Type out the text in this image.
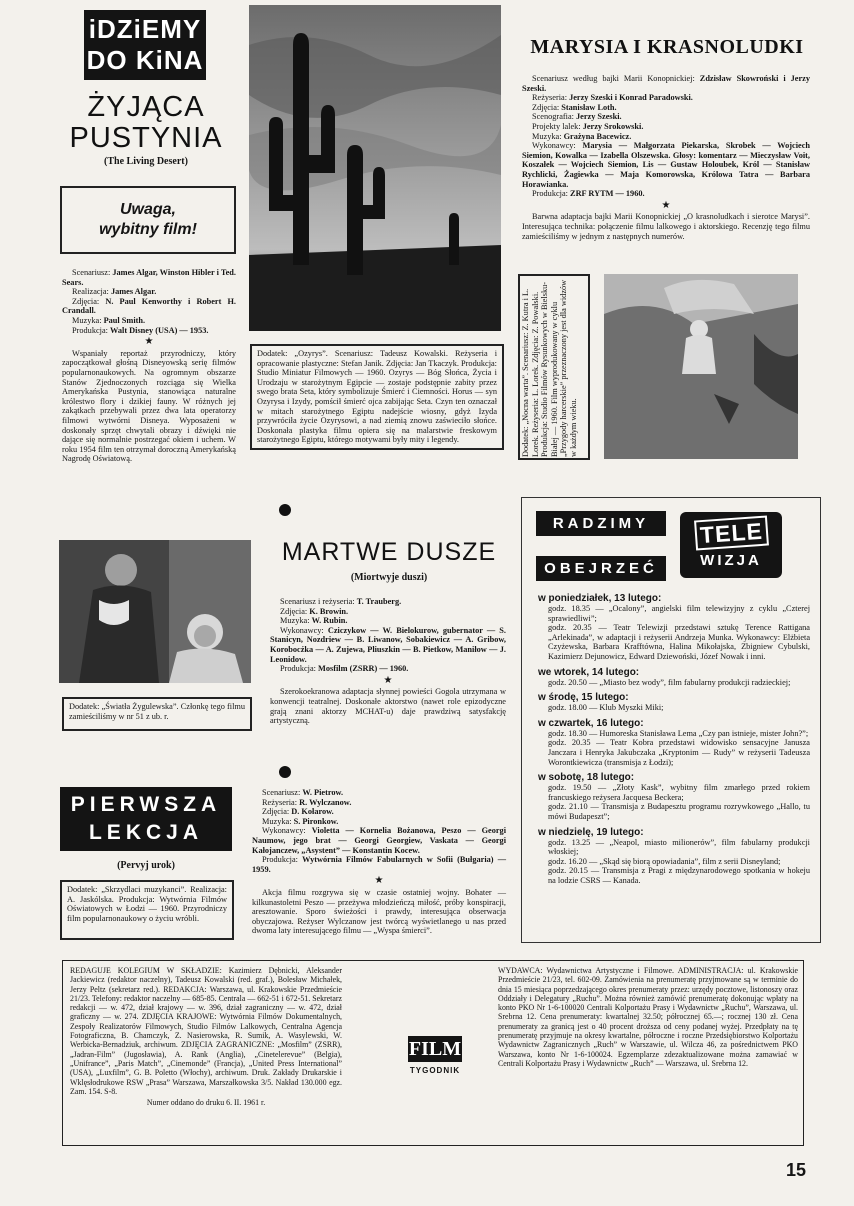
iDZiEMY
DO KiNA
ŻYJĄCA
PUSTYNIA
(The Living Desert)
Uwaga,
wybitny film!
Scenariusz: James Algar, Winston Hibler i Ted. Sears.
Realizacja: James Algar.
Zdjęcia: N. Paul Kenworthy i Robert H. Crandall.
Muzyka: Paul Smith.
Produkcja: Walt Disney (USA) — 1953.
★

Wspaniały reportaż przyrodniczy, który zapoczątkował głośną Disneyowską serię filmów popularnonaukowych. Na ogromnym obszarze Stanów Zjednoczonych rozciąga się Wielka Amerykańska Pustynia, stanowiąca naturalne królestwo flory i dzikiej fauny. W różnych jej zakątkach przebywali przez dwa lata operatorzy filmowi wytwórni Disneya. Wyposażeni w doskonały sprzęt chwytali obrazy i dźwięki nie dające się normalnie postrzegać okiem i uchem. W roku 1954 film ten otrzymał doroczną Amerykańską Nagrodę Oświatową.

Dodatek: „Ozyrys”. Scenariusz: Tadeusz Kowalski. Reżyseria i opracowanie plastyczne: Stefan Janik. Zdjęcia: Jan Tkaczyk. Produkcja: Studio Miniatur Filmowych — 1960. Ozyrys — Bóg Słońca, Życia i Urodzaju w starożytnym Egipcie — zostaje podstępnie zabity przez swego brata Seta, który symbolizuje Śmierć i Ciemności. Horus — syn Ozyrysa i Izydy, pomścił śmierć ojca zabijając Seta. Czyn ten oznaczał w mitach starożytnego Egiptu nadejście wiosny, gdyż Izyda przywróciła życie Ozyrysowi, a nad ziemią znowu zaświeciło słońce. Doskonała plastyka filmu opiera się na malarstwie freskowym starożytnego Egiptu, którego motywami były mity i legendy.

MARYSIA I KRASNOLUDKI
Scenariusz według bajki Marii Konopnickiej: Zdzisław Skowroński i Jerzy Szeski.
Reżyseria: Jerzy Szeski i Konrad Paradowski.
Zdjęcia: Stanisław Loth.
Scenografia: Jerzy Szeski.
Projekty lalek: Jerzy Srokowski.
Muzyka: Grażyna Bacewicz.
Wykonawcy: Marysia — Małgorzata Piekarska, Skrobek — Wojciech Siemion, Kowalka — Izabella Olszewska. Głosy: komentarz — Mieczysław Voit, Koszałek — Wojciech Siemion, Lis — Gustaw Holoubek, Król — Stanisław Rychlicki, Żagiewka — Maja Komorowska, Królowa Tatra — Barbara Horawianka.
Produkcja: ZRF RYTM — 1960.
★

Barwna adaptacja bajki Marii Konopnickiej „O krasnoludkach i sierotce Marysi”. Interesująca technika: połączenie filmu lalkowego i aktorskiego. Recenzję tego filmu zamieściliśmy w jednym z następnych numerów.

Dodatek: „Nocna warta”. Scenariusz: Z. Kutra i L. Lorek. Reżyseria: L. Lorek. Zdjęcia: Z. Powalski. Produkcja: Studio Filmów Rysunkowych w Bielsku-Białej — 1960. Film wyprodukowany w cyklu „Przygody harcerskie” przeznaczony jest dla widzów w każdym wieku.

Dodatek: „Światła Żygulewska”. Członkę tego filmu zamieściliśmy w nr 51 z ub. r.

MARTWE DUSZE
(Miortwyje duszi)
Scenariusz i reżyseria: T. Trauberg.
Zdjęcia: K. Browin.
Muzyka: W. Rubin.
Wykonawcy: Cziczykow — W. Bielokurow, gubernator — S. Stanicyn, Nozdriew — B. Liwanow, Sobakiewicz — A. Gribow, Korobocźka — A. Zujewa, Pliuszkin — B. Pietkow, Maniłow — J. Leonidow.
Produkcja: Mosfilm (ZSRR) — 1960.
★

Szerokoekranowa adaptacja słynnej powieści Gogola utrzymana w konwencji teatralnej. Doskonałe aktorstwo (nawet role epizodyczne grają znani aktorzy MCHAT-u) daje prawdziwą satysfakcję artystyczną.

PIERWSZA
LEKCJA
(Pervyj urok)

Dodatek: „Skrzydlaci muzykanci”. Realizacja: A. Jaskólska. Produkcja: Wytwórnia Filmów Oświatowych w Łodzi — 1960. Przyrodniczy film popularnonaukowy o życiu wróbli.

Scenariusz: W. Pietrow.
Reżyseria: R. Wylczanow.
Zdjęcia: D. Kołarow.
Muzyka: S. Pironkow.
Wykonawcy: Violetta — Kornelia Bożanowa, Peszo — Georgi Naumow, jego brat — Georgi Georgiew, Vaskata — Georgi Kałojanczew, „Asystent” — Konstantin Kocew.
Produkcja: Wytwórnia Filmów Fabularnych w Sofii (Bułgaria) — 1959.
★

Akcja filmu rozgrywa się w czasie ostatniej wojny. Bohater — kilkunastoletni Peszo — przeżywa młodzieńczą miłość, próby konspiracji, aresztowanie. Sporo świeżości i prawdy, interesująca obserwacja obyczajowa. Reżyser Wylczanow jest twórcą wyświetlanego u nas przed dwoma laty interesującego filmu — „Wyspa śmierci”.

RADZIMY
OBEJRZEĆ
TELE
WIZJA
w poniedziałek, 13 lutego:
godz. 18.35 — „Ocalony”, angielski film telewizyjny z cyklu „Czterej sprawiedliwi”;
godz. 20.35 — Teatr Telewizji przedstawi sztukę Terence Rattigana „Arlekinada”, w adaptacji i reżyserii Andrzeja Munka. Wykonawcy: Elżbieta Czyżewska, Barbara Krafftówna, Halina Mikołajska, Zbigniew Cybulski, Kazimierz Dejunowicz, Edward Dziewoński, Józef Nowak i inni.
we wtorek, 14 lutego:
godz. 20.50 — „Miasto bez wody”, film fabularny produkcji radzieckiej;
w środę, 15 lutego:
godz. 18.00 — Klub Myszki Miki;
w czwartek, 16 lutego:
godz. 18.30 — Humoreska Stanisława Lema „Czy pan istnieje, mister John?”;
godz. 20.35 — Teatr Kobra przedstawi widowisko sensacyjne Janusza Janczara i Henryka Jakubczaka „Kryptonim — Rudy” w reżyserii Tadeusza Worontkiewicza (transmisja z Łodzi);
w sobotę, 18 lutego:
godz. 19.50 — „Złoty Kask”, wybitny film zmarłego przed rokiem francuskiego reżysera Jacquesa Beckera;
godz. 21.10 — Transmisja z Budapesztu programu rozrywkowego „Hallo, tu mówi Budapeszt”;
w niedzielę, 19 lutego:
godz. 13.25 — „Neapol, miasto milionerów”, film fabularny produkcji włoskiej;
godz. 16.20 — „Skąd się biorą opowiadania”, film z serii Disneyland;
godz. 20.15 — Transmisja z Pragi z międzynarodowego spotkania w hokeju na lodzie CSRS — Kanada.

REDAGUJE KOLEGIUM W SKŁADZIE: Kazimierz Dębnicki, Aleksander Jackiewicz (redaktor naczelny), Tadeusz Kowalski (red. graf.), Bolesław Michałek, Jerzy Peltz (sekretarz red.). REDAKCJA: Warszawa, ul. Krakowskie Przedmieście 21/23. Telefony: redaktor naczelny — 685-85. Centrala — 662-51 i 672-51. Sekretarz redakcji — w. 472, dział krajowy — w. 396, dział zagraniczny — w. 472, dział graficzny — w. 274. ZDJĘCIA KRAJOWE: Wytwórnia Filmów Dokumentalnych, Zespoły Realizatorów Filmowych, Studio Filmów Lalkowych, Centralna Agencja Fotograficzna, B. Chamczyk, Z. Nasierowska, R. Sumik, A. Wasylewski, W. Werbicka-Bernadziuk, archiwum. ZDJĘCIA ZAGRANICZNE: „Mosfilm” (ZSRR), „Jadran-Film” (Jugosławia), A. Rank (Anglia), „Cinetelerevue” (Belgia), „Unifrance”, „Paris Match”, „Cinemonde” (Francja), „United Press International” (USA), „Luxfilm”, G. B. Poletto (Włochy), archiwum. Druk. Zakłady Drukarskie i Wklęsłodrukowe RSW „Prasa” Warszawa, Marszałkowska 3/5. Nakład 130.000 egz. Zam. 154. S-8.

Numer oddano do druku 6. II. 1961 r.
FILM
TYGODNIK

WYDAWCA: Wydawnictwa Artystyczne i Filmowe. ADMINISTRACJA: ul. Krakowskie Przedmieście 21/23, tel. 602-09. Zamówienia na prenumeratę przyjmowane są w terminie do dnia 15 miesiąca poprzedzającego okres prenumeraty przez: urzędy pocztowe, listonoszy oraz Oddziały i Delegatury „Ruchu”. Można również zamówić prenumeratę dokonując wpłaty na konto PKO Nr 1-6-100020 Centrali Kolportażu Prasy i Wydawnictw „Ruchu”, Warszawa, ul. Srebrna 12. Cena prenumeraty: kwartalnej 32.50; półrocznej 65.—; rocznej 130 zł. Cena prenumeraty za granicą jest o 40 procent droższa od ceny podanej wyżej. Przedpłaty na tę prenumeratę przyjmuje na okresy kwartalne, półroczne i roczne Przedsiębiorstwo Kolportażu Wydawnictw Zagranicznych „Ruch” w Warszawie, ul. Wilcza 46, za pośrednictwem PKO Warszawa, konto Nr 1-6-100024. Egzemplarze zdezaktualizowane można zamawiać w Centrali Kolportażu Prasy i Wydawnictw „Ruch” — Warszawa, ul. Srebrna 12.

15
